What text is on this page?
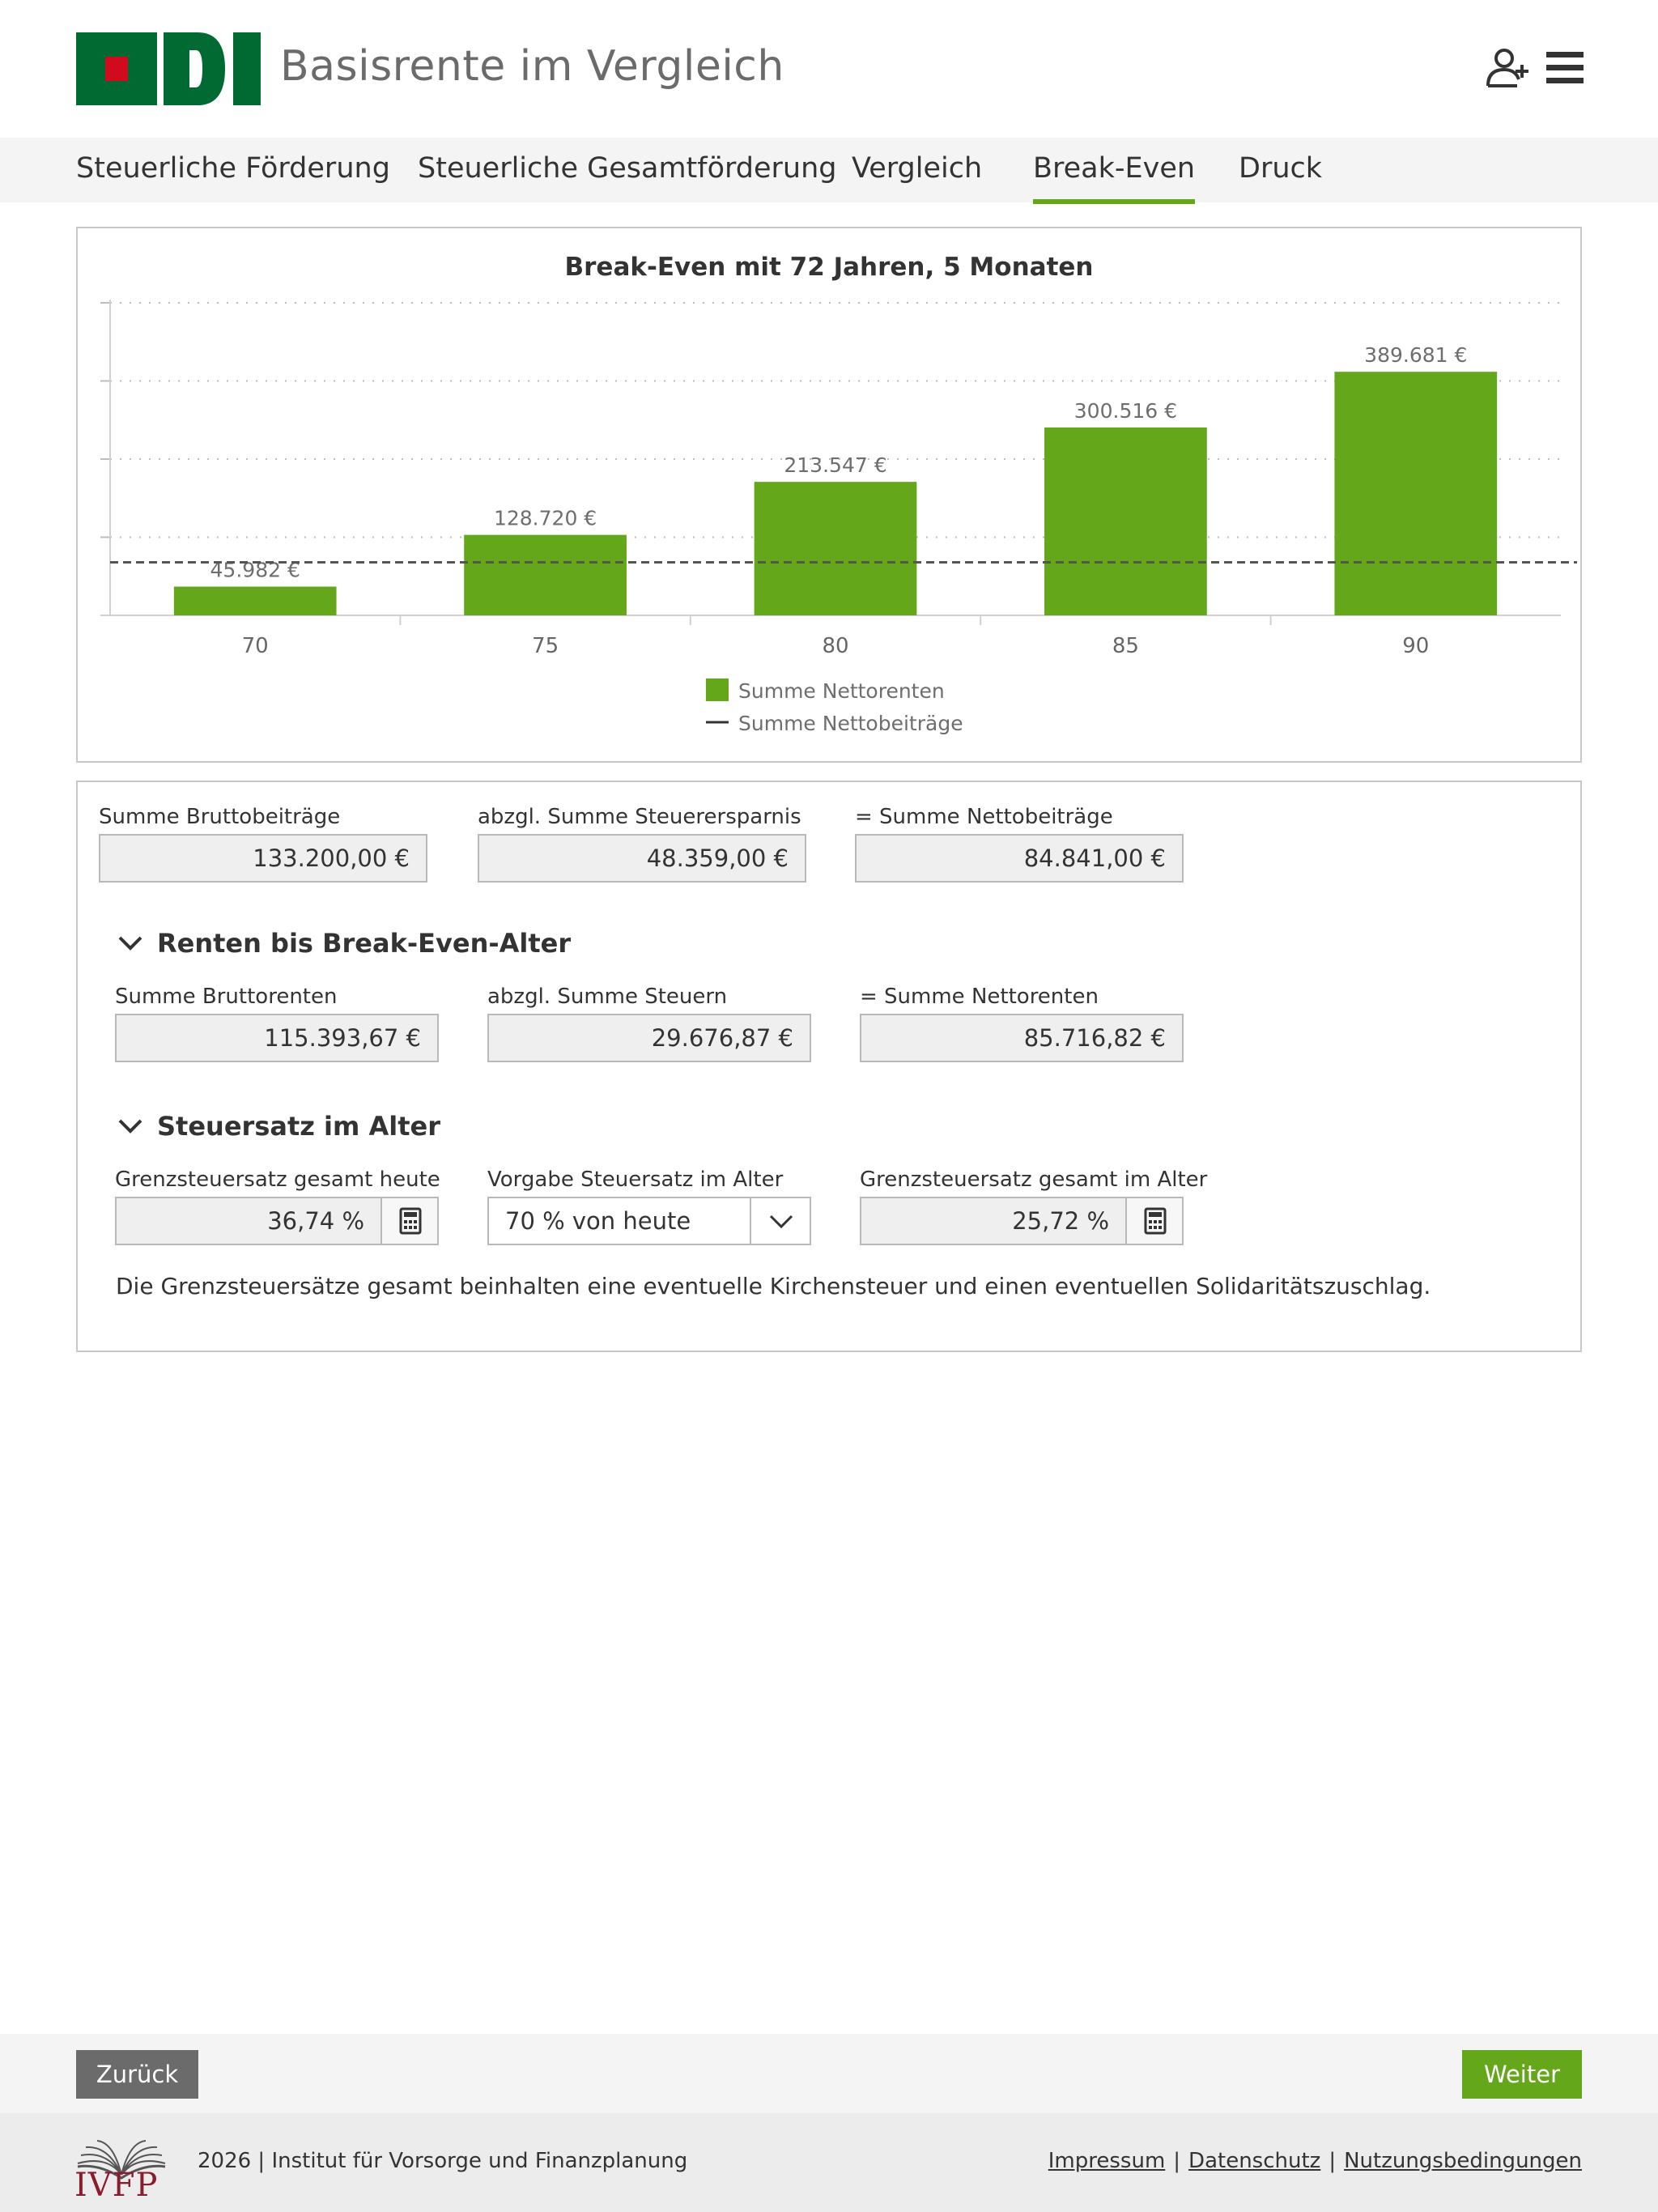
Basisrente im Vergleich
Steuerliche Förderung Steuerliche Gesamtförderung Vergleich Break-Even Druck
Break-Even mit 72 Jahren, 5 Monaten
45.982 €
70
128.720 €
75
213.547 €
80
300.516 €
85
389.681 €
90
Summe Nettorenten
Summe Nettobeiträge
Summe Bruttobeiträge
133.200,00 €
abzgl. Summe Steuerersparnis
48.359,00 €
= Summe Nettobeiträge
84.841,00 €
Renten bis Break-Even-Alter
Summe Bruttorenten
115.393,67 €
abzgl. Summe Steuern
29.676,87 €
= Summe Nettorenten
85.716,82 €
Steuersatz im Alter
Grenzsteuersatz gesamt heute
36,74 %
Vorgabe Steuersatz im Alter
70 % von heute
Grenzsteuersatz gesamt im Alter
25,72 %
Die Grenzsteuersätze gesamt beinhalten eine eventuelle Kirchensteuer und einen eventuellen Solidaritätszuschlag.
Zurück	Weiter
IVFP
2026 | Institut für Vorsorge und Finanzplanung	Impressum | Datenschutz | Nutzungsbedingungen
